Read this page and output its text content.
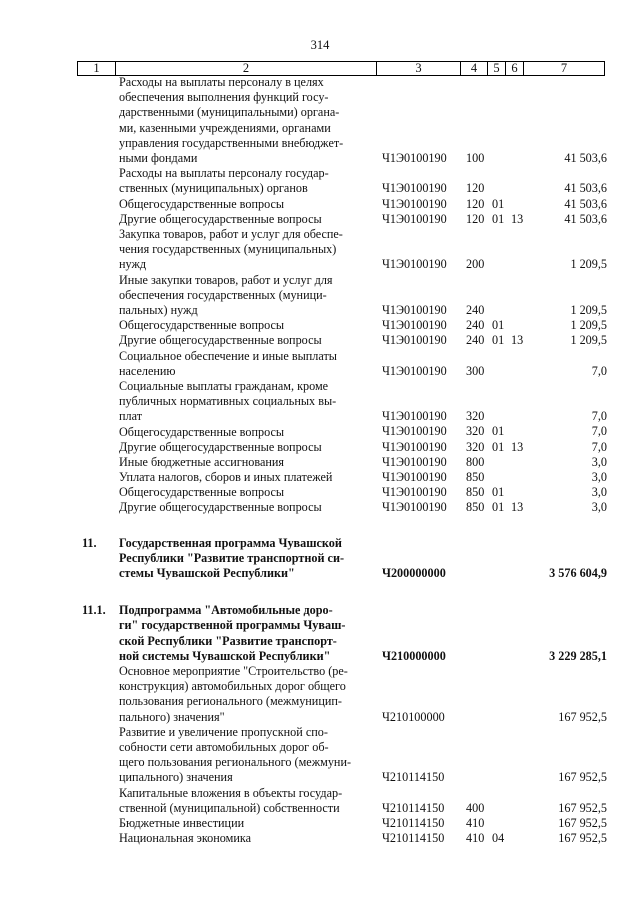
314
1	2	3	4	5	6	7
Расходы на выплаты персоналу в целях
обеспечения выполнения функций госу-
дарственными (муниципальными) органа-
ми, казенными учреждениями, органами
управления государственными внебюджет-
ными фондами	Ч1Э0100190 100	41 503,6
Расходы на выплаты персоналу государ-
ственных (муниципальных) органов	Ч1Э0100190 120	41 503,6
Общегосударственные вопросы	Ч1Э0100190 120 01	41 503,6
Другие общегосударственные вопросы	Ч1Э0100190 120 01 13	41 503,6
Закупка товаров, работ и услуг для обеспе-
чения государственных (муниципальных)
нужд	Ч1Э0100190 200	1 209,5
Иные закупки товаров, работ и услуг для
обеспечения государственных (муници-
пальных) нужд	Ч1Э0100190 240	1 209,5
Общегосударственные вопросы	Ч1Э0100190 240 01	1 209,5
Другие общегосударственные вопросы	Ч1Э0100190 240 01 13	1 209,5
Социальное обеспечение и иные выплаты
населению	Ч1Э0100190 300	7,0
Социальные выплаты гражданам, кроме
публичных нормативных социальных вы-
плат	Ч1Э0100190 320	7,0
Общегосударственные вопросы	Ч1Э0100190 320 01	7,0
Другие общегосударственные вопросы	Ч1Э0100190 320 01 13	7,0
Иные бюджетные ассигнования	Ч1Э0100190 800	3,0
Уплата налогов, сборов и иных платежей	Ч1Э0100190 850	3,0
Общегосударственные вопросы	Ч1Э0100190 850 01	3,0
Другие общегосударственные вопросы	Ч1Э0100190 850 01 13	3,0
11. Государственная программа Чувашской
Республики "Развитие транспортной си-
стемы Чувашской Республики"	Ч200000000	3 576 604,9
11.1. Подпрограмма "Автомобильные доро-
ги" государственной программы Чуваш-
ской Республики "Развитие транспорт-
ной системы Чувашской Республики"	Ч210000000	3 229 285,1
Основное мероприятие "Строительство (ре-
конструкция) автомобильных дорог общего
пользования регионального (межмуницип-
пального) значения"	Ч210100000	167 952,5
Развитие и увеличение пропускной спо-
собности сети автомобильных дорог об-
щего пользования регионального (межмуни-
ципального) значения	Ч210114150	167 952,5
Капитальные вложения в объекты государ-
ственной (муниципальной) собственности	Ч210114150 400	167 952,5
Бюджетные инвестиции	Ч210114150 410	167 952,5
Национальная экономика	Ч210114150 410 04	167 952,5
